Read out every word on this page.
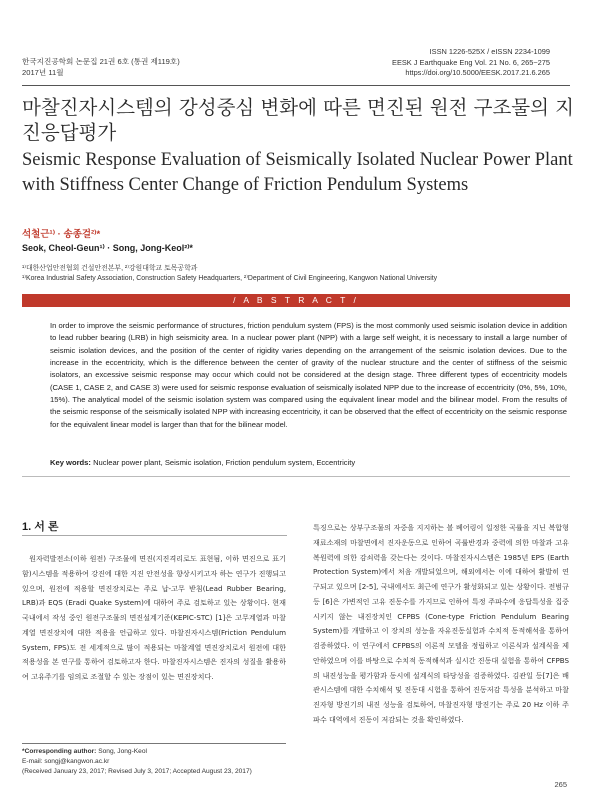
한국지진공학회 논문집 21권 6호 (통권 제119호)
2017년 11월
ISSN 1226-525X / eISSN 2234-1099
EESK J Earthquake Eng Vol. 21 No. 6, 265~275
https://doi.org/10.5000/EESK.2017.21.6.265
마찰진자시스템의 강성중심 변화에 따른 면진된 원전 구조물의 지진응답평가
Seismic Response Evaluation of Seismically Isolated Nuclear Power Plant with Stiffness Center Change of Friction Pendulum Systems
석철근¹⁾ · 송종걸²⁾*
Seok, Cheol-Geun¹⁾ · Song, Jong-Keol²⁾*
¹⁾대한산업안전협회 건설안전본부, ²⁾강원대학교 토목공학과
¹⁾Korea Industrial Safety Association, Construction Safety Headquarters, ²⁾Department of Civil Engineering, Kangwon National University
/ A B S T R A C T /
In order to improve the seismic performance of structures, friction pendulum system (FPS) is the most commonly used seismic isolation device in addition to lead rubber bearing (LRB) in high seismicity area. In a nuclear power plant (NPP) with a large self weight, it is necessary to install a large number of seismic isolation devices, and the position of the center of rigidity varies depending on the arrangement of the seismic isolation devices. Due to the increase in the eccentricity, which is the difference between the center of gravity of the nuclear structure and the center of stiffness of the seismic isolators, an excessive seismic response may occur which could not be considered at the design stage. Three different types of eccentricity models (CASE 1, CASE 2, and CASE 3) were used for seismic response evaluation of seismically isolated NPP due to the increase of eccentricity (0%, 5%, 10%, 15%). The analytical model of the seismic isolation system was compared using the equivalent linear model and the bilinear model. From the results of the seismic response of the seismically isolated NPP with increasing eccentricity, it can be observed that the effect of eccentricity on the seismic response for the equivalent linear model is larger than that for the bilinear model.
Key words: Nuclear power plant, Seismic isolation, Friction pendulum system, Eccentricity
1. 서 론

원자력발전소(이하 원전) 구조물에 면진(지진격리로도 표현됨, 이하 면진으로 표기함)시스템을 적용하여 강진에 대한 지진 안전성을 향상시키고자 하는 연구가 진행되고 있으며, 원전에 적용할 면진장치로는 주로 납-고무 받침(Lead Rubber Bearing, LRB)과 EQS (Eradi Quake System)에 대하여 주로 검토하고 있는 상황이다. 현재 국내에서 작성 중인 원전구조물의 면진설계기준(KEPIC-STC) [1]은 고무계열과 마찰계열 면진장치에 대한 적용을 언급하고 있다. 마찰진자시스템(Friction Pendulum System, FPS)도 전 세계적으로 많이 적용되는 마찰계열 면진장치로서 원전에 대한 적용성을 본 연구를 통하여 검토하고자 한다. 마찰진자시스템은 진자의 성질을 활용하여 고유주기를 임의로 조절할 수 있는 장점이 있는 면진장치다.

특징으로는 상부구조물의 자중을 지지하는 볼 베어링이 일정한 곡률을 지닌 복합형 재료소재의 마찰면에서 진자운동으로 인하여 곡률반경과 중력에 의한 마찰과 고유복원력에 의한 감쇠력을 갖는다는 것이다. 마찰진자시스템은 1985년 EPS (Earth Protection System)에서 처음 개발되었으며, 해외에서는 이에 대하여 활발히 연구되고 있으며 [2-5], 국내에서도 최근에 연구가 활성화되고 있는 상황이다. 전범규 등 [6]은 가변적인 고유 진동수를 가지므로 인하여 특정 주파수에 응답특성을 집중시키지 않는 내진장치인 CFPBS (Cone-type Friction Pendulum Bearing System)를 개발하고 이 장치의 성능을 자유진동실험과 수치적 동적해석을 통하여 검증하였다. 이 연구에서 CFPBS의 이론적 모델을 정립하고 이론식과 설계식을 제안하였으며 이를 바탕으로 수치적 동적해석과 실시간 진동대 실험을 통하여 CFPBS의 내진성능을 평가함과 동시에 설계식의 타당성을 검증하였다. 김관일 등[7]은 배관시스템에 대한 수치해석 및 진동대 시험을 통하여 진동저감 특성을 분석하고 마찰진자형 방진기의 내진 성능을 검토하여, 마찰진자형 방진기는 주로 20 Hz 이하 주파수 대역에서 진동이 저감되는 것을 확인하였다.

*Corresponding author: Song, Jong-Keol
E-mail: songj@kangwon.ac.kr
(Received January 23, 2017; Revised July 3, 2017; Accepted August 23, 2017)
265
